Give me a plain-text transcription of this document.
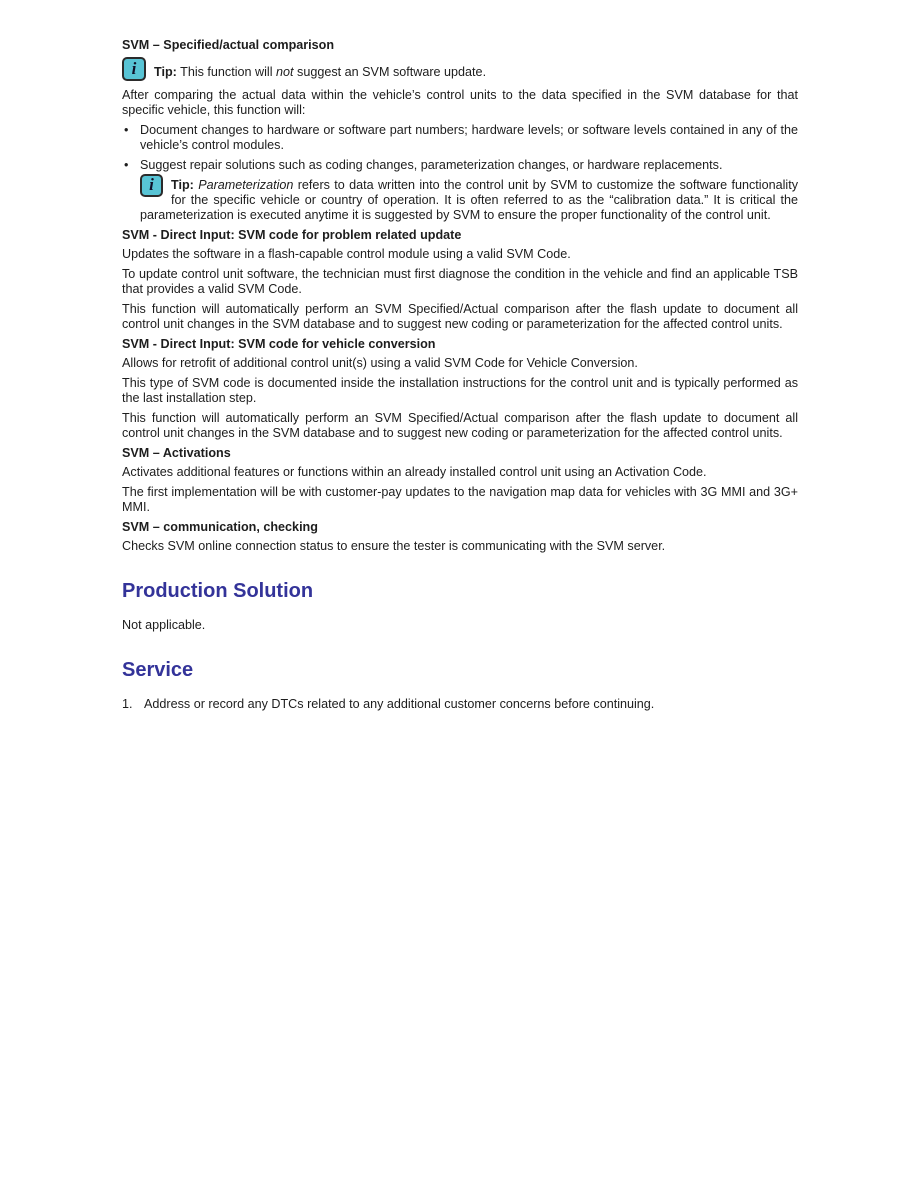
SVM – Specified/actual comparison
i Tip: This function will not suggest an SVM software update.

After comparing the actual data within the vehicle’s control units to the data specified in the SVM database for that specific vehicle, this function will:

• Document changes to hardware or software part numbers; hardware levels; or software levels contained in any of the vehicle’s control modules.
• Suggest repair solutions such as coding changes, parameterization changes, or hardware replacements.
i Tip: Parameterization refers to data written into the control unit by SVM to customize the software functionality for the specific vehicle or country of operation. It is often referred to as the “calibration data.” It is critical the parameterization is executed anytime it is suggested by SVM to ensure the proper functionality of the control unit.
SVM - Direct Input: SVM code for problem related update

Updates the software in a flash-capable control module using a valid SVM Code.

To update control unit software, the technician must first diagnose the condition in the vehicle and find an applicable TSB that provides a valid SVM Code.

This function will automatically perform an SVM Specified/Actual comparison after the flash update to document all control unit changes in the SVM database and to suggest new coding or parameterization for the affected control units.

SVM - Direct Input: SVM code for vehicle conversion

Allows for retrofit of additional control unit(s) using a valid SVM Code for Vehicle Conversion.

This type of SVM code is documented inside the installation instructions for the control unit and is typically performed as the last installation step.

This function will automatically perform an SVM Specified/Actual comparison after the flash update to document all control unit changes in the SVM database and to suggest new coding or parameterization for the affected control units.

SVM – Activations

Activates additional features or functions within an already installed control unit using an Activation Code.

The first implementation will be with customer-pay updates to the navigation map data for vehicles with 3G MMI and 3G+ MMI.

SVM – communication, checking

Checks SVM online connection status to ensure the tester is communicating with the SVM server.

Production Solution

Not applicable.

Service
1. Address or record any DTCs related to any additional customer concerns before continuing.
